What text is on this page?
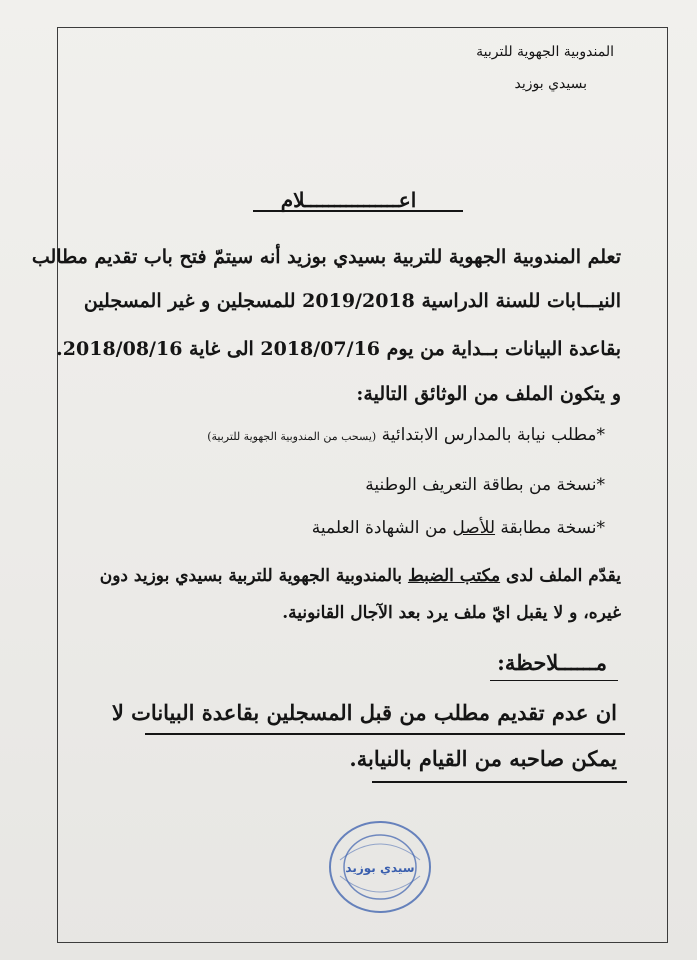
المندوبية الجهوية للتربية
بسيدي بوزيد
اعــــــــــــــــلام
تعلم المندوبية الجهوية للتربية بسيدي بوزيد أنه سيتمّ فتح باب تقديم مطالب
النيـــابات للسنة الدراسية 2019/2018 للمسجلين و غير المسجلين
بقاعدة البيانات بــداية من يوم 2018/07/16 الى غاية 2018/08/16.
و يتكون الملف من الوثائق التالية:
*مطلب نيابة بالمدارس الابتدائية (يسحب من المندوبية الجهوية للتربية)
*نسخة من بطاقة التعريف الوطنية
*نسخة مطابقة للأصل من الشهادة العلمية
يقدّم الملف لدى مكتب الضبط بالمندوبية الجهوية للتربية بسيدي بوزيد دون
غيره، و لا يقبل ايّ ملف يرد بعد الآجال القانونية.
مــــــلاحظة:
ان عدم تقديم مطلب من قبل المسجلين بقاعدة البيانات لا
يمكن صاحبه من القيام بالنيابة.
سيدي بوزيد
